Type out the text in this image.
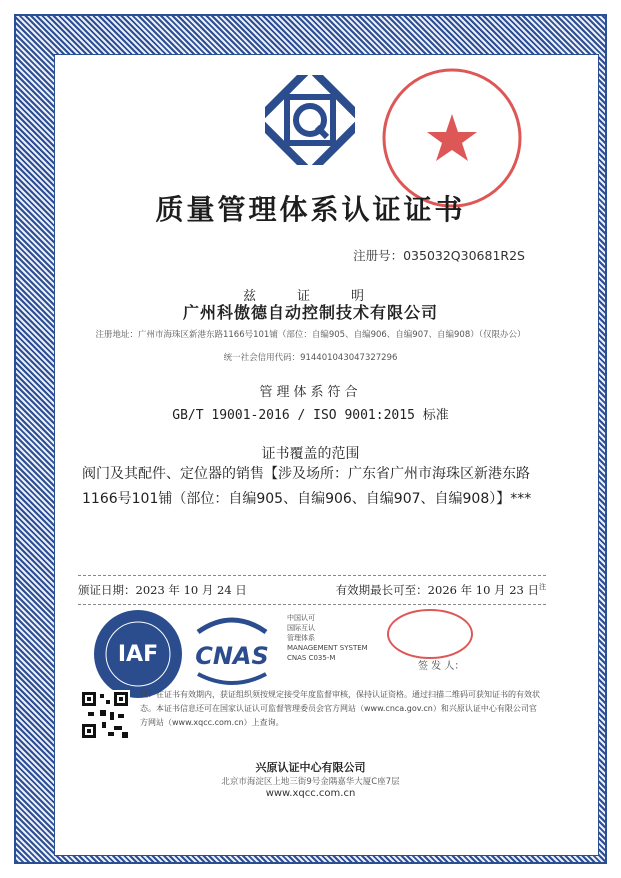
质量管理体系认证证书
注册号：035032Q30681R2S
兹　证　明
广州科傲德自动控制技术有限公司
注册地址：广州市海珠区新港东路1166号101铺（部位：自编905、自编906、自编907、自编908）（仅限办公）
统一社会信用代码：914401043047327296
管理体系符合
GB/T 19001-2016 / ISO 9001:2015 标准
证书覆盖的范围
阀门及其配件、定位器的销售【涉及场所：广东省广州市海珠区新港东路1166号101铺（部位：自编905、自编906、自编907、自编908）】***
颁证日期：2023 年 10 月 24 日	有效期最长可至：2026 年 10 月 23 日$^注$
IAF CNAS
中国认可
国际互认
管理体系
MANAGEMENT SYSTEM
CNAS C035-M
签 发 人：
注：在证书有效期内，获证组织须按规定接受年度监督审核，保持认证资格。通过扫描二维码可获知证书的有效状态。本证书信息还可在国家认证认可监督管理委员会官方网站（www.cnca.gov.cn）和兴原认证中心有限公司官方网站（www.xqcc.com.cn）上查询。
兴原认证中心有限公司
北京市海淀区上地三街9号金隅嘉华大厦C座7层
www.xqcc.com.cn
